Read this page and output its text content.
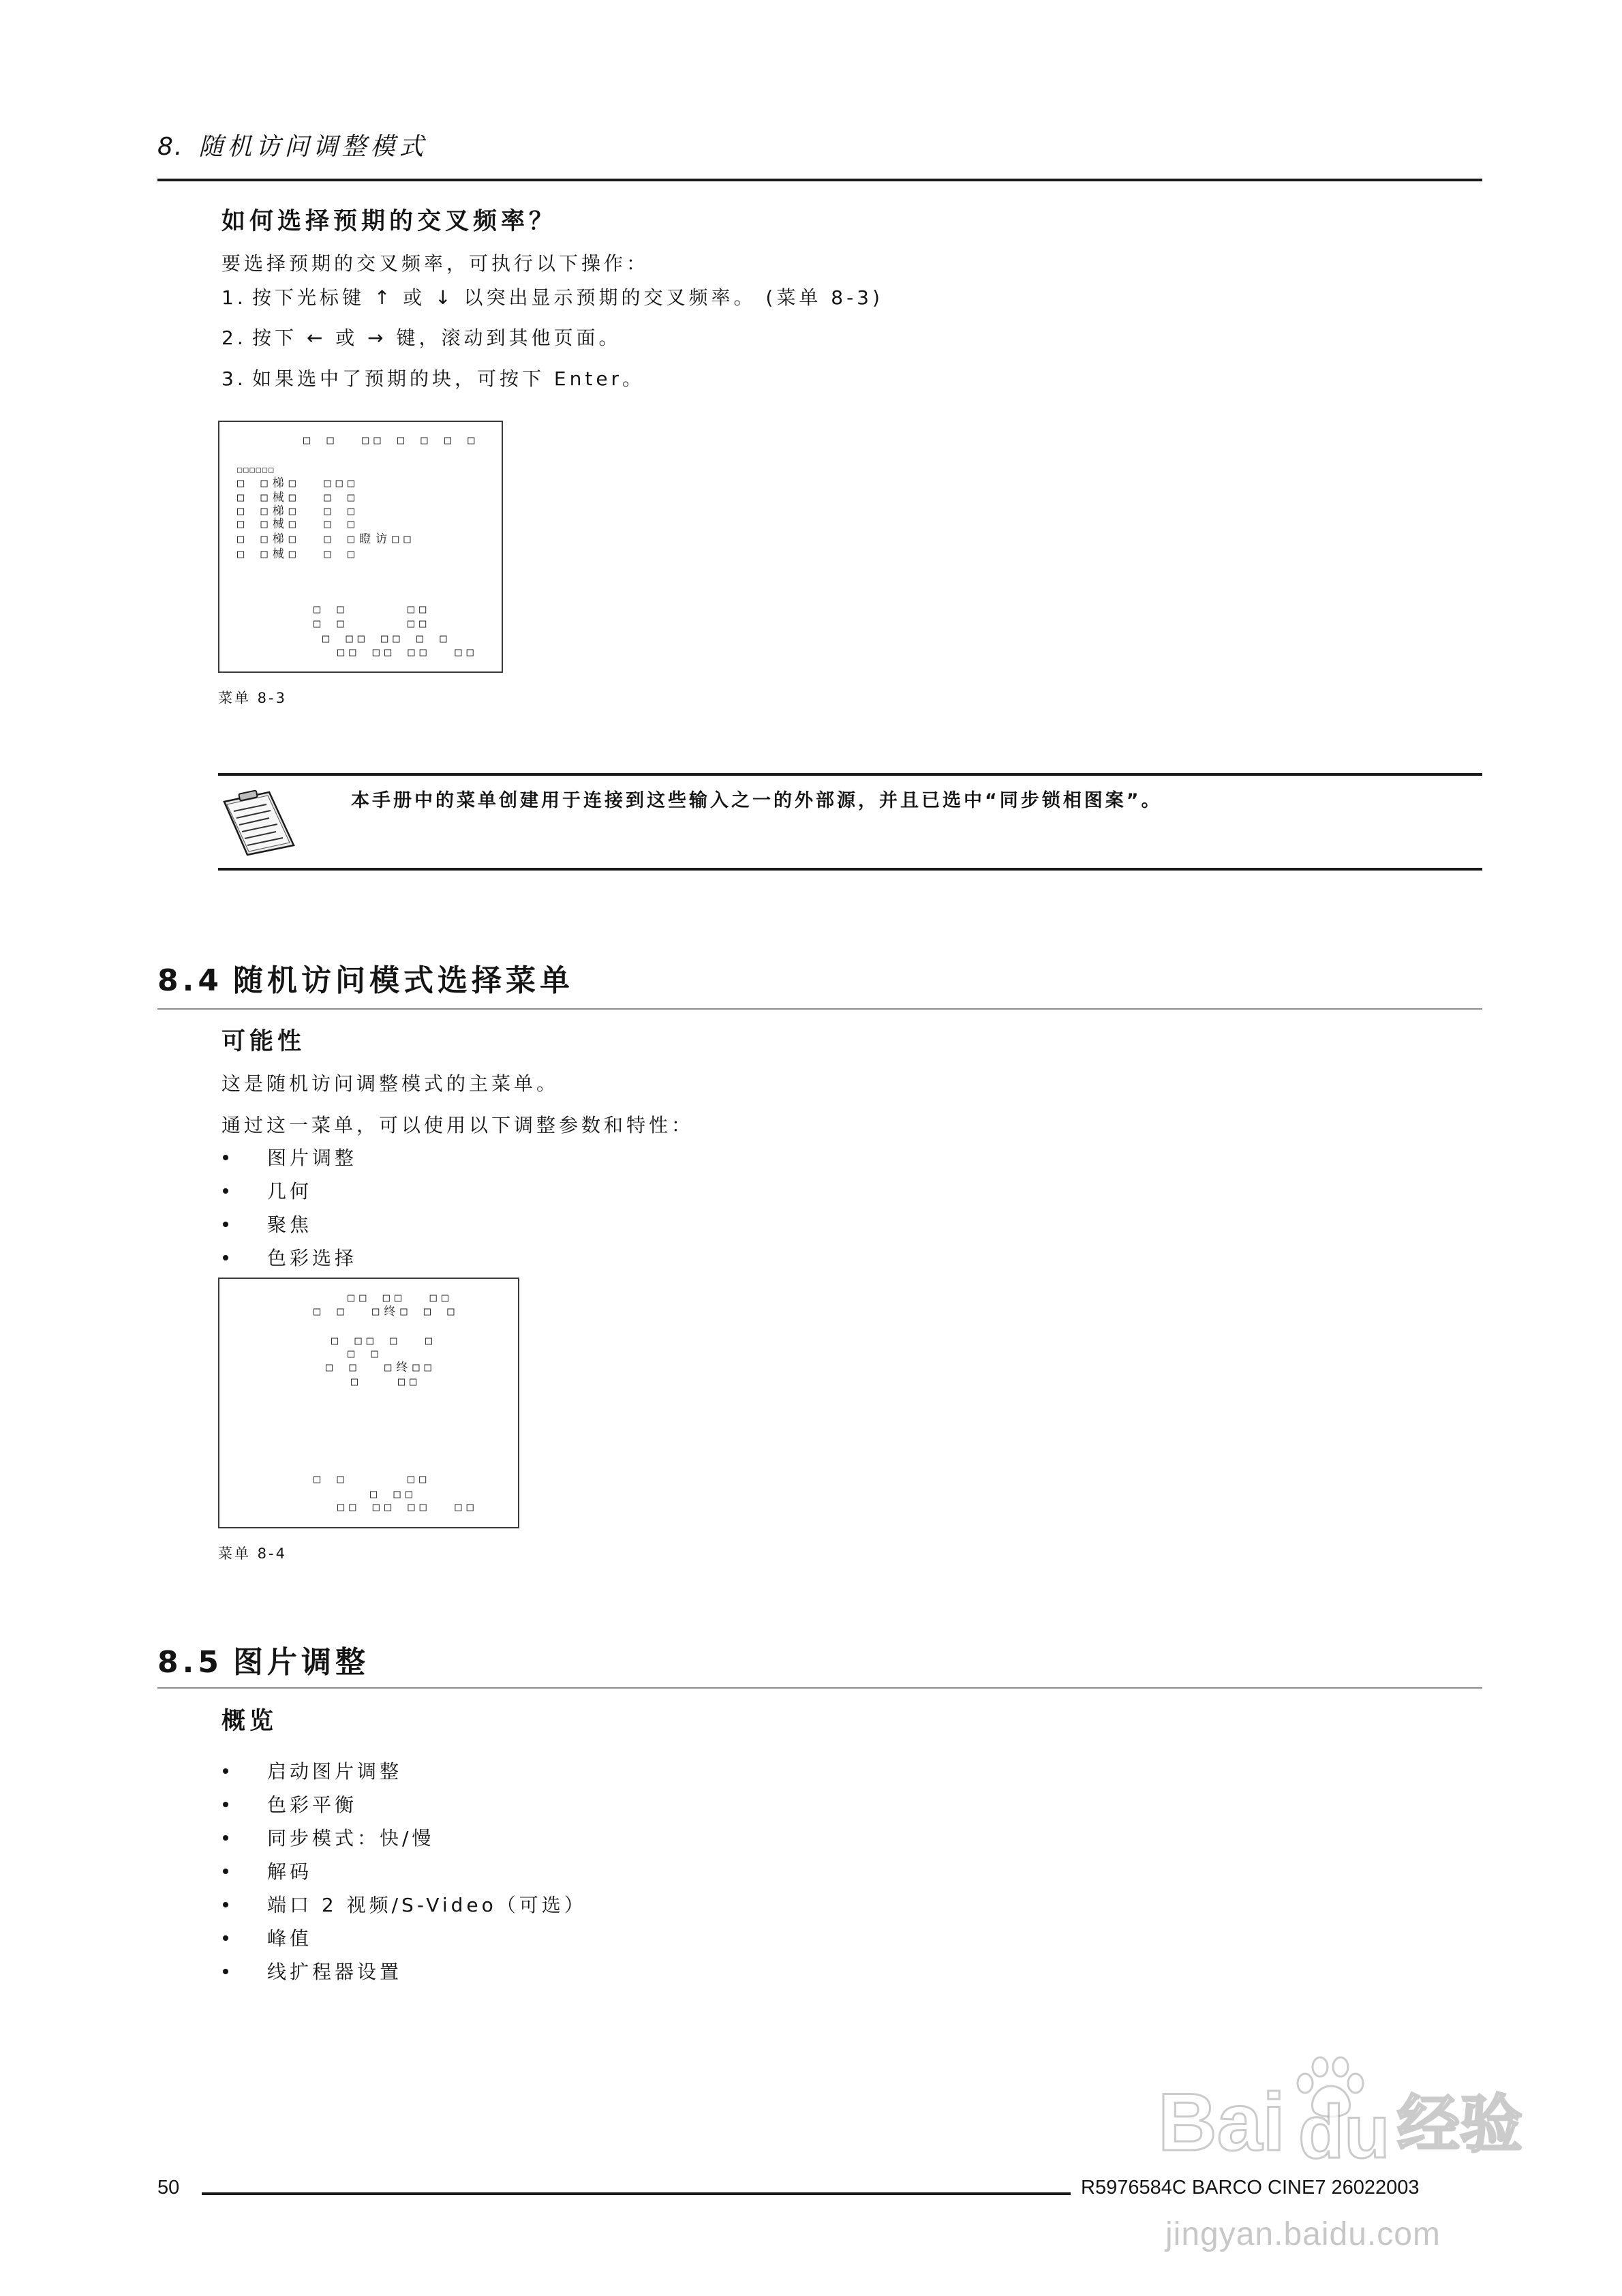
8. 随机访问调整模式
如何选择预期的交叉频率？
要选择预期的交叉频率，可执行以下操作：
1. 按下光标键 ↑ 或 ↓ 以突出显示预期的交叉频率。 (菜单 8-3)
2. 按下 ← 或 → 键，滚动到其他页面。
3. 如果选中了预期的块，可按下 Enter。
□ □  □□ □ □ □ □
□□□□□□
□ □梯□  □□□
□ □械□  □ □
□ □梯□  □ □
□ □械□  □ □
□ □梯□  □ □瞪访□□
□ □械□  □ □
□ □     □□
□ □     □□
□ □□ □□ □ □
□□ □□ □□  □□
菜单 8-3
本手册中的菜单创建用于连接到这些输入之一的外部源，并且已选中“同步锁相图案”。
8.4 随机访问模式选择菜单
可能性
这是随机访问调整模式的主菜单。
通过这一菜单，可以使用以下调整参数和特性：
图片调整
几何
聚焦
色彩选择
□□ □□  □□
□ □  □终□ □ □
□ □□ □  □
□ □
□ □  □终□□
□   □□
□ □     □□
□ □□
□□ □□ □□  □□
菜单 8-4
8.5 图片调整
概览
启动图片调整
色彩平衡
同步模式：快/慢
解码
端口 2 视频/S-Video（可选）
峰值
线扩程器设置
50	R5976584C BARCO CINE7 26022003
Bai du 经验
jingyan.baidu.com
